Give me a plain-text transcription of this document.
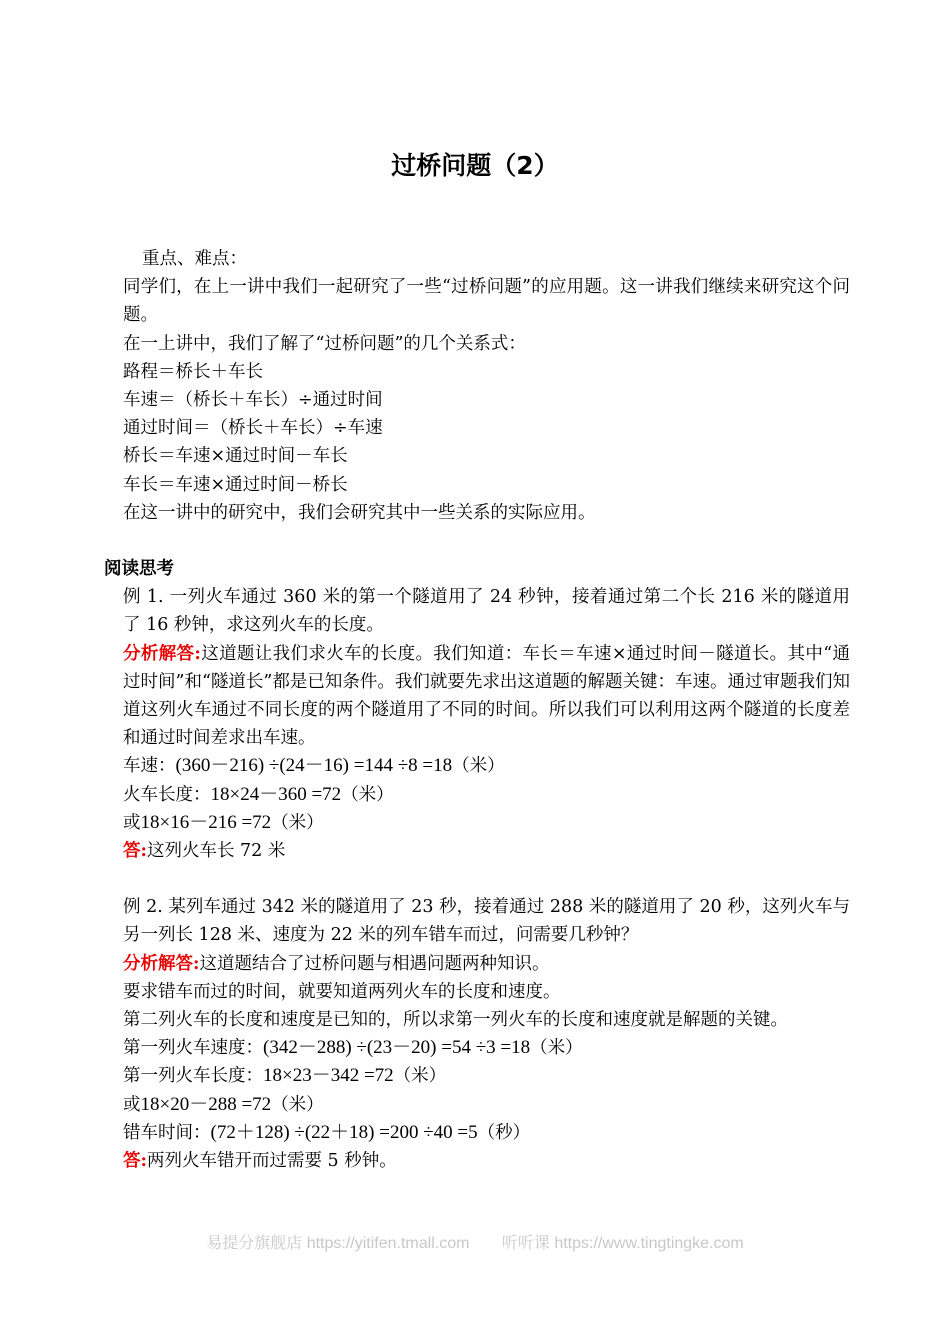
过桥问题（2）

重点、难点：

同学们，在上一讲中我们一起研究了一些“过桥问题”的应用题。这一讲我们继续来研究这个问题。

在一上讲中，我们了解了“过桥问题”的几个关系式：

路程＝桥长＋车长

车速＝（桥长＋车长）÷通过时间

通过时间＝（桥长＋车长）÷车速

桥长＝车速×通过时间－车长

车长＝车速×通过时间－桥长

在这一讲中的研究中，我们会研究其中一些关系的实际应用。

阅读思考

例 1. 一列火车通过 360 米的第一个隧道用了 24 秒钟，接着通过第二个长 216 米的隧道用了 16 秒钟，求这列火车的长度。

分析解答:这道题让我们求火车的长度。我们知道：车长＝车速×通过时间－隧道长。其中“通过时间”和“隧道长”都是已知条件。我们就要先求出这道题的解题关键：车速。通过审题我们知道这列火车通过不同长度的两个隧道用了不同的时间。所以我们可以利用这两个隧道的长度差和通过时间差求出车速。

车速：(360－216) ÷(24－16) =144 ÷8 =18（米）

火车长度：18×24－360 =72（米）

或18×16－216 =72（米）

答:这列火车长 72 米

例 2. 某列车通过 342 米的隧道用了 23 秒，接着通过 288 米的隧道用了 20 秒，这列火车与另一列长 128 米、速度为 22 米的列车错车而过，问需要几秒钟？

分析解答:这道题结合了过桥问题与相遇问题两种知识。

要求错车而过的时间，就要知道两列火车的长度和速度。

第二列火车的长度和速度是已知的，所以求第一列火车的长度和速度就是解题的关键。

第一列火车速度：(342－288) ÷(23－20) =54 ÷3 =18（米）

第一列火车长度：18×23－342 =72（米）

或18×20－288 =72（米）

错车时间：(72＋128) ÷(22＋18) =200 ÷40 =5（秒）

答:两列火车错开而过需要 5 秒钟。

易提分旗舰店 https://yitifen.tmall.com 听听课 https://www.tingtingke.com
